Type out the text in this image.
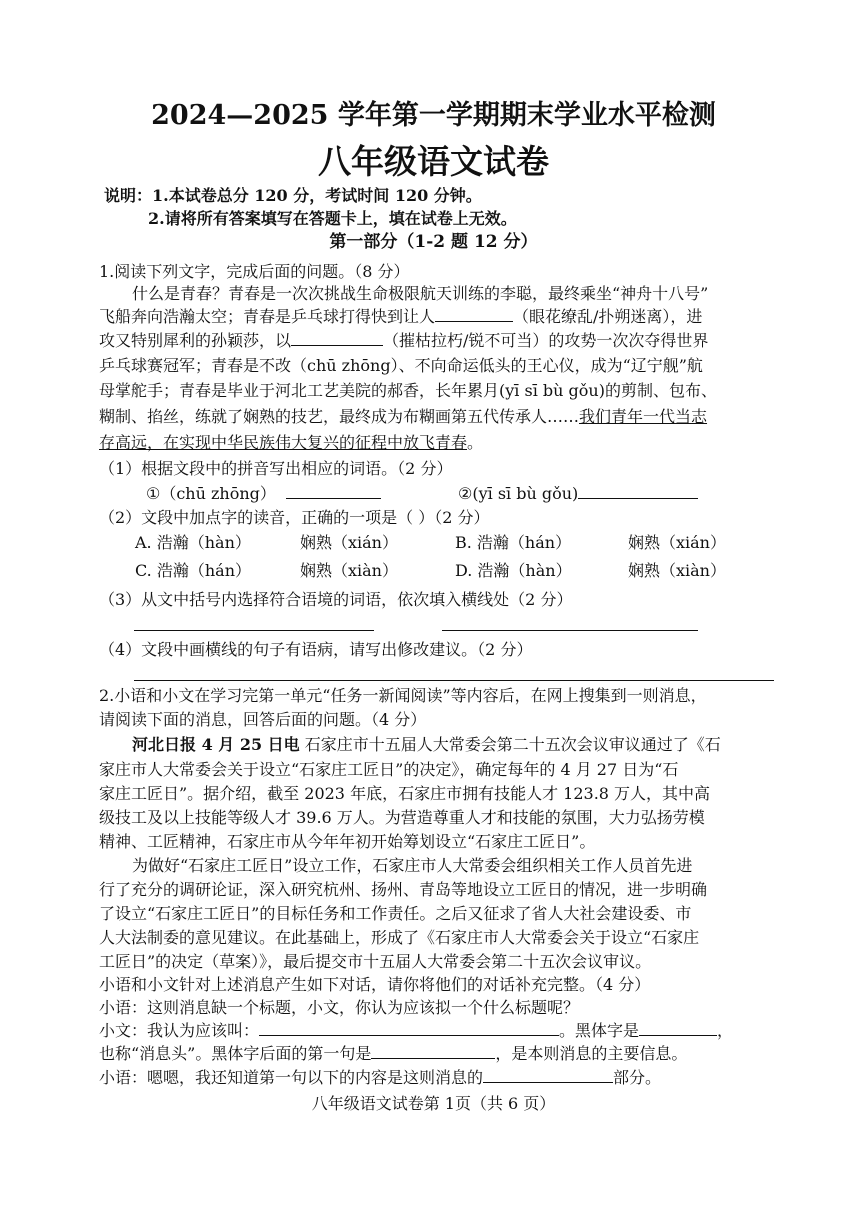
2024—2025 学年第一学期期末学业水平检测
八年级语文试卷
说明：1.本试卷总分 120 分，考试时间 120 分钟。
2.请将所有答案填写在答题卡上，填在试卷上无效。
第一部分（1-2 题 12 分）
1.阅读下列文字，完成后面的问题。（8 分）
什么是青春？青春是一次次挑战生命极限航天训练的李聪，最终乘坐“神舟十八号”
飞船奔向浩瀚太空；青春是乒乓球打得快到让人	（眼花缭乱/扑朔迷离），进
攻又特别犀利的孙颖莎，以	（摧枯拉朽/锐不可当）的攻势一次次夺得世界
乒乓球赛冠军；青春是不改（chū zhōng）、不向命运低头的王心仪，成为“辽宁舰”航
母掌舵手；青春是毕业于河北工艺美院的郝香，长年累月(yī sī bù gǒu)的剪制、包布、
糊制、掐丝，练就了娴熟的技艺，最终成为布糊画第五代传承人……我们青年一代当志
存高远，在实现中华民族伟大复兴的征程中放飞青春。
（1）根据文段中的拼音写出相应的词语。（2 分）
①（chū zhōng）	②(yī sī bù gǒu)
（2）文段中加点字的读音，正确的一项是（ ）（2 分）
A. 浩瀚（hàn）	娴熟（xián）	B. 浩瀚（hán）	娴熟（xián）
C. 浩瀚（hán）	娴熟（xiàn）	D. 浩瀚（hàn）	娴熟（xiàn）
（3）从文中括号内选择符合语境的词语，依次填入横线处（2 分）
（4）文段中画横线的句子有语病，请写出修改建议。（2 分）
2.小语和小文在学习完第一单元“任务一新闻阅读”等内容后，在网上搜集到一则消息，
请阅读下面的消息，回答后面的问题。（4 分）
河北日报 4 月 25 日电 石家庄市十五届人大常委会第二十五次会议审议通过了《石
家庄市人大常委会关于设立“石家庄工匠日”的决定》，确定每年的 4 月 27 日为“石
家庄工匠日”。据介绍，截至 2023 年底，石家庄市拥有技能人才 123.8 万人，其中高
级技工及以上技能等级人才 39.6 万人。为营造尊重人才和技能的氛围，大力弘扬劳模
精神、工匠精神，石家庄市从今年年初开始筹划设立“石家庄工匠日”。
为做好“石家庄工匠日”设立工作，石家庄市人大常委会组织相关工作人员首先进
行了充分的调研论证，深入研究杭州、扬州、青岛等地设立工匠日的情况，进一步明确
了设立“石家庄工匠日”的目标任务和工作责任。之后又征求了省人大社会建设委、市
人大法制委的意见建议。在此基础上，形成了《石家庄市人大常委会关于设立“石家庄
工匠日”的决定（草案）》，最后提交市十五届人大常委会第二十五次会议审议。
小语和小文针对上述消息产生如下对话，请你将他们的对话补充完整。（4 分）
小语：这则消息缺一个标题，小文，你认为应该拟一个什么标题呢？
小文：我认为应该叫：	。黑体字是	，
也称“消息头”。黑体字后面的第一句是	，是本则消息的主要信息。
小语：嗯嗯，我还知道第一句以下的内容是这则消息的	部分。
八年级语文试卷第 1页（共 6 页）
